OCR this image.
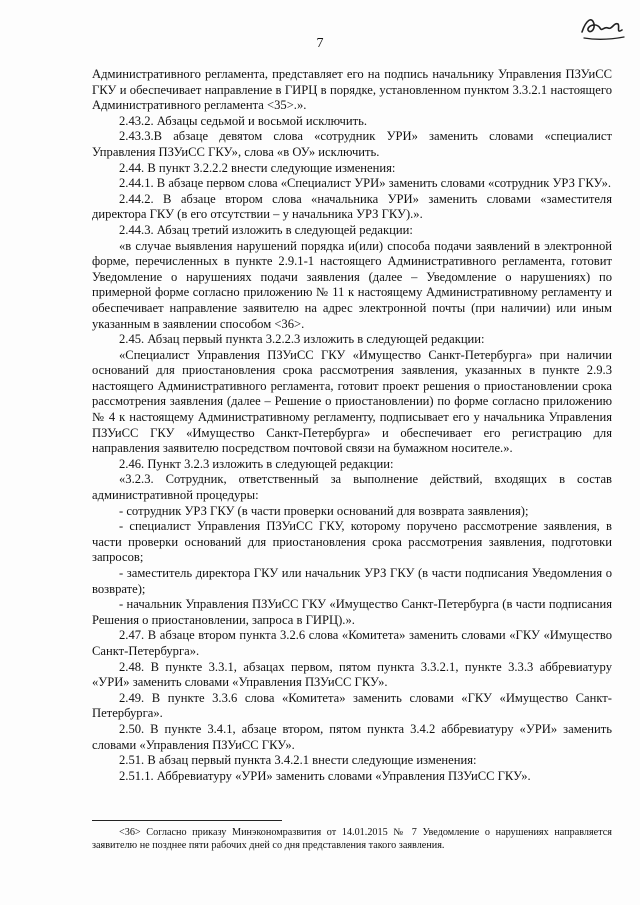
7

Административного регламента, представляет его на подпись начальнику Управления ПЗУиСС ГКУ и обеспечивает направление в ГИРЦ в порядке, установленном пунктом 3.3.2.1 настоящего Административного регламента <35>.».

2.43.2. Абзацы седьмой и восьмой исключить.

2.43.3.В абзаце девятом слова «сотрудник УРИ» заменить словами «специалист Управления ПЗУиСС ГКУ», слова «в ОУ» исключить.

2.44. В пункт 3.2.2.2 внести следующие изменения:

2.44.1. В абзаце первом слова «Специалист УРИ» заменить словами «сотрудник УРЗ ГКУ».

2.44.2. В абзаце втором слова «начальника УРИ» заменить словами «заместителя директора ГКУ (в его отсутствии – у начальника УРЗ ГКУ).».

2.44.3. Абзац третий изложить в следующей редакции:

«в случае выявления нарушений порядка и(или) способа подачи заявлений в электронной форме, перечисленных в пункте 2.9.1-1 настоящего Административного регламента, готовит Уведомление о нарушениях подачи заявления (далее – Уведомление о нарушениях) по примерной форме согласно приложению № 11 к настоящему Административному регламенту и обеспечивает направление заявителю на адрес электронной почты (при наличии) или иным указанным в заявлении способом <36>.

2.45. Абзац первый пункта 3.2.2.3 изложить в следующей редакции:

«Специалист Управления ПЗУиСС ГКУ «Имущество Санкт-Петербурга» при наличии оснований для приостановления срока рассмотрения заявления, указанных в пункте 2.9.3 настоящего Административного регламента, готовит проект решения о приостановлении срока рассмотрения заявления (далее – Решение о приостановлении) по форме согласно приложению № 4 к настоящему Административному регламенту, подписывает его у начальника Управления ПЗУиСС ГКУ «Имущество Санкт-Петербурга» и обеспечивает его регистрацию для направления заявителю посредством почтовой связи на бумажном носителе.».

2.46. Пункт 3.2.3 изложить в следующей редакции:

«3.2.3. Сотрудник, ответственный за выполнение действий, входящих в состав административной процедуры:

- сотрудник УРЗ ГКУ (в части проверки оснований для возврата заявления);

- специалист Управления ПЗУиСС ГКУ, которому поручено рассмотрение заявления, в части проверки оснований для приостановления срока рассмотрения заявления, подготовки запросов;

- заместитель директора ГКУ или начальник УРЗ ГКУ (в части подписания Уведомления о возврате);

- начальник Управления ПЗУиСС ГКУ «Имущество Санкт-Петербурга (в части подписания Решения о приостановлении, запроса в ГИРЦ).».

2.47. В абзаце втором пункта 3.2.6 слова «Комитета» заменить словами «ГКУ «Имущество Санкт-Петербурга».

2.48. В пункте 3.3.1, абзацах первом, пятом пункта 3.3.2.1, пункте 3.3.3 аббревиатуру «УРИ» заменить словами «Управления ПЗУиСС ГКУ».

2.49. В пункте 3.3.6 слова «Комитета» заменить словами «ГКУ «Имущество Санкт-Петербурга».

2.50. В пункте 3.4.1, абзаце втором, пятом пункта 3.4.2 аббревиатуру «УРИ» заменить словами «Управления ПЗУиСС ГКУ».

2.51. В абзац первый пункта 3.4.2.1 внести следующие изменения:

2.51.1. Аббревиатуру «УРИ» заменить словами «Управления ПЗУиСС ГКУ».

<36> Согласно приказу Минэкономразвития от 14.01.2015 № 7 Уведомление о нарушениях направляется заявителю не позднее пяти рабочих дней со дня представления такого заявления.
